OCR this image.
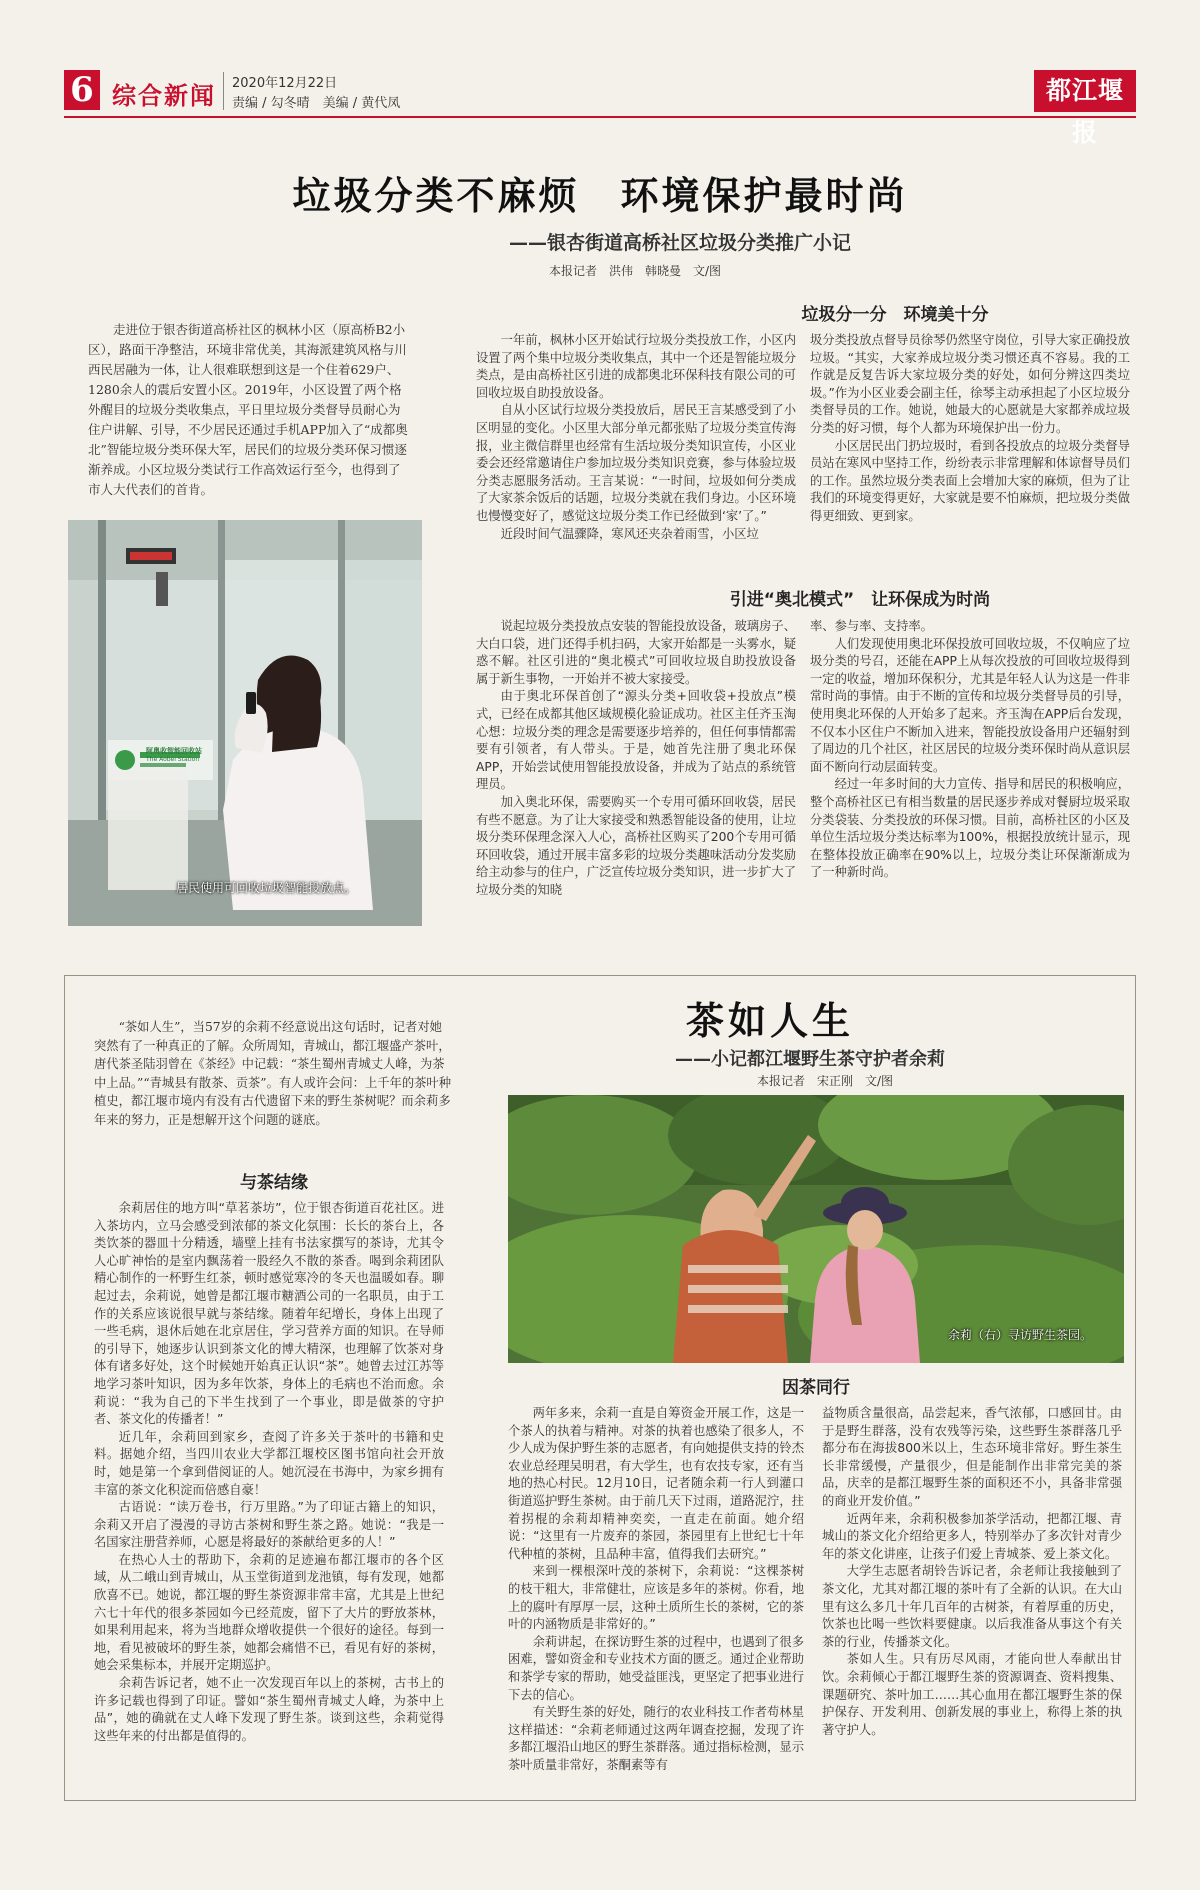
6 综合新闻 2020年12月22日
责编 / 勾冬晴　美编 / 黄代凤	都江堰报
垃圾分类不麻烦　环境保护最时尚
——银杏街道高桥社区垃圾分类推广小记
本报记者　洪伟　韩晓曼　文/图

走进位于银杏街道高桥社区的枫林小区（原高桥B2小区），路面干净整洁，环境非常优美，其海派建筑风格与川西民居融为一体，让人很难联想到这是一个住着629户、1280余人的震后安置小区。2019年，小区设置了两个格外醒目的垃圾分类收集点，平日里垃圾分类督导员耐心为住户讲解、引导，不少居民还通过手机APP加入了“成都奥北”智能垃圾分类环保大军，居民们的垃圾分类环保习惯逐渐养成。小区垃圾分类试行工作高效运行至今，也得到了市人大代表们的首肯。

居民使用可回收垃圾智能投放点。
阿奥收智能回收站
The Aobei Station
垃圾分一分　环境美十分

一年前，枫林小区开始试行垃圾分类投放工作，小区内设置了两个集中垃圾分类收集点，其中一个还是智能垃圾分类点，是由高桥社区引进的成都奥北环保科技有限公司的可回收垃圾自助投放设备。

自从小区试行垃圾分类投放后，居民王言某感受到了小区明显的变化。小区里大部分单元都张贴了垃圾分类宣传海报，业主微信群里也经常有生活垃圾分类知识宣传，小区业委会还经常邀请住户参加垃圾分类知识竞赛，参与体验垃圾分类志愿服务活动。王言某说：“一时间，垃圾如何分类成了大家茶余饭后的话题，垃圾分类就在我们身边。小区环境也慢慢变好了，感觉这垃圾分类工作已经做到‘家’了。”

近段时间气温骤降，寒风还夹杂着雨雪，小区垃

圾分类投放点督导员徐琴仍然坚守岗位，引导大家正确投放垃圾。“其实，大家养成垃圾分类习惯还真不容易。我的工作就是反复告诉大家垃圾分类的好处，如何分辨这四类垃圾。”作为小区业委会副主任，徐琴主动承担起了小区垃圾分类督导员的工作。她说，她最大的心愿就是大家都养成垃圾分类的好习惯，每个人都为环境保护出一份力。

小区居民出门扔垃圾时，看到各投放点的垃圾分类督导员站在寒风中坚持工作，纷纷表示非常理解和体谅督导员们的工作。虽然垃圾分类表面上会增加大家的麻烦，但为了让我们的环境变得更好，大家就是要不怕麻烦，把垃圾分类做得更细致、更到家。

引进“奥北模式”　让环保成为时尚

说起垃圾分类投放点安装的智能投放设备，玻璃房子、大白口袋，进门还得手机扫码，大家开始都是一头雾水，疑惑不解。社区引进的“奥北模式”可回收垃圾自助投放设备属于新生事物，一开始并不被大家接受。

由于奥北环保首创了“源头分类+回收袋+投放点”模式，已经在成都其他区域规模化验证成功。社区主任齐玉淘心想：垃圾分类的理念是需要逐步培养的，但任何事情都需要有引领者，有人带头。于是，她首先注册了奥北环保APP，开始尝试使用智能投放设备，并成为了站点的系统管理员。

加入奥北环保，需要购买一个专用可循环回收袋，居民有些不愿意。为了让大家接受和熟悉智能设备的使用，让垃圾分类环保理念深入人心，高桥社区购买了200个专用可循环回收袋，通过开展丰富多彩的垃圾分类趣味活动分发奖励给主动参与的住户，广泛宣传垃圾分类知识，进一步扩大了垃圾分类的知晓

率、参与率、支持率。

人们发现使用奥北环保投放可回收垃圾，不仅响应了垃圾分类的号召，还能在APP上从每次投放的可回收垃圾得到一定的收益，增加环保积分，尤其是年轻人认为这是一件非常时尚的事情。由于不断的宣传和垃圾分类督导员的引导，使用奥北环保的人开始多了起来。齐玉淘在APP后台发现，不仅本小区住户不断加入进来，智能投放设备用户还辐射到了周边的几个社区，社区居民的垃圾分类环保时尚从意识层面不断向行动层面转变。

经过一年多时间的大力宣传、指导和居民的积极响应，整个高桥社区已有相当数量的居民逐步养成对餐厨垃圾采取分类袋装、分类投放的环保习惯。目前，高桥社区的小区及单位生活垃圾分类达标率为100%，根据投放统计显示，现在整体投放正确率在90%以上，垃圾分类让环保渐渐成为了一种新时尚。

“茶如人生”，当57岁的余莉不经意说出这句话时，记者对她突然有了一种真正的了解。众所周知，青城山，都江堰盛产茶叶，唐代茶圣陆羽曾在《茶经》中记载：“茶生蜀州青城丈人峰，为茶中上品。”“青城县有散茶、贡茶”。有人或许会问：上千年的茶叶种植史，都江堰市境内有没有古代遗留下来的野生茶树呢？而余莉多年来的努力，正是想解开这个问题的谜底。

茶如人生
——小记都江堰野生茶守护者余莉
本报记者　宋正刚　文/图
与茶结缘

余莉居住的地方叫“草茗茶坊”，位于银杏街道百花社区。进入茶坊内，立马会感受到浓郁的茶文化氛围：长长的茶台上，各类饮茶的器皿十分精透，墙壁上挂有书法家撰写的茶诗，尤其令人心旷神怡的是室内飘荡着一股经久不散的茶香。喝到余莉团队精心制作的一杯野生红茶，顿时感觉寒冷的冬天也温暖如春。聊起过去，余莉说，她曾是都江堰市糖酒公司的一名职员，由于工作的关系应该说很早就与茶结缘。随着年纪增长，身体上出现了一些毛病，退休后她在北京居住，学习营养方面的知识。在导师的引导下，她逐步认识到茶文化的博大精深，也理解了饮茶对身体有诸多好处，这个时候她开始真正认识“茶”。她曾去过江苏等地学习茶叶知识，因为多年饮茶，身体上的毛病也不治而愈。余莉说：“我为自己的下半生找到了一个事业，即是做茶的守护者、茶文化的传播者！”

近几年，余莉回到家乡，查阅了许多关于茶叶的书籍和史料。据她介绍，当四川农业大学都江堰校区图书馆向社会开放时，她是第一个拿到借阅证的人。她沉浸在书海中，为家乡拥有丰富的茶文化积淀而倍感自豪！

古语说：“读万卷书，行万里路。”为了印证古籍上的知识，余莉又开启了漫漫的寻访古茶树和野生茶之路。她说：“我是一名国家注册营养师，心愿是将最好的茶献给更多的人！”

在热心人士的帮助下，余莉的足迹遍布都江堰市的各个区域，从二峨山到青城山，从玉堂街道到龙池镇，每有发现，她都欣喜不已。她说，都江堰的野生茶资源非常丰富，尤其是上世纪六七十年代的很多茶园如今已经荒废，留下了大片的野放茶林，如果利用起来，将为当地群众增收提供一个很好的途径。每到一地，看见被破坏的野生茶，她都会痛惜不已，看见有好的茶树，她会采集标本，并展开定期巡护。

余莉告诉记者，她不止一次发现百年以上的茶树，古书上的许多记载也得到了印证。譬如“茶生蜀州青城丈人峰，为茶中上品”，她的确就在丈人峰下发现了野生茶。谈到这些，余莉觉得这些年来的付出都是值得的。

余莉（右）寻访野生茶园。
因茶同行

两年多来，余莉一直是自筹资金开展工作，这是一个茶人的执着与精神。对茶的执着也感染了很多人，不少人成为保护野生茶的志愿者，有向她提供支持的铃杰农业总经理吴明君，有大学生，也有农技专家，还有当地的热心村民。12月10日，记者随余莉一行人到灌口街道巡护野生茶树。由于前几天下过雨，道路泥泞，拄着拐棍的余莉却精神奕奕，一直走在前面。她介绍说：“这里有一片废弃的茶园，茶园里有上世纪七十年代种植的茶树，且品种丰富，值得我们去研究。”

来到一棵根深叶茂的茶树下，余莉说：“这棵茶树的枝干粗大，非常健壮，应该是多年的茶树。你看，地上的腐叶有厚厚一层，这种土质所生长的茶树，它的茶叶的内涵物质是非常好的。”

余莉讲起，在探访野生茶的过程中，也遇到了很多困难，譬如资金和专业技术方面的匮乏。通过企业帮助和茶学专家的帮助，她受益匪浅，更坚定了把事业进行下去的信心。

有关野生茶的好处，随行的农业科技工作者苟林星这样描述：“余莉老师通过这两年调查挖掘，发现了许多都江堰沿山地区的野生茶群落。通过指标检测，显示茶叶质量非常好，茶酮素等有

益物质含量很高，品尝起来，香气浓郁，口感回甘。由于是野生群落，没有农残等污染，这些野生茶群落几乎都分布在海拔800米以上，生态环境非常好。野生茶生长非常缓慢，产量很少，但是能制作出非常完美的茶品，庆幸的是都江堰野生茶的面积还不小，具备非常强的商业开发价值。”

近两年来，余莉积极参加茶学活动，把都江堰、青城山的茶文化介绍给更多人，特别举办了多次针对青少年的茶文化讲座，让孩子们爱上青城茶、爱上茶文化。

大学生志愿者胡铃告诉记者，余老师让我接触到了茶文化，尤其对都江堰的茶叶有了全新的认识。在大山里有这么多几十年几百年的古树茶，有着厚重的历史，饮茶也比喝一些饮料要健康。以后我准备从事这个有关茶的行业，传播茶文化。

茶如人生。只有历尽风雨，才能向世人奉献出甘饮。余莉倾心于都江堰野生茶的资源调查、资料搜集、课题研究、茶叶加工……其心血用在都江堰野生茶的保护保存、开发利用、创新发展的事业上，称得上茶的执著守护人。
